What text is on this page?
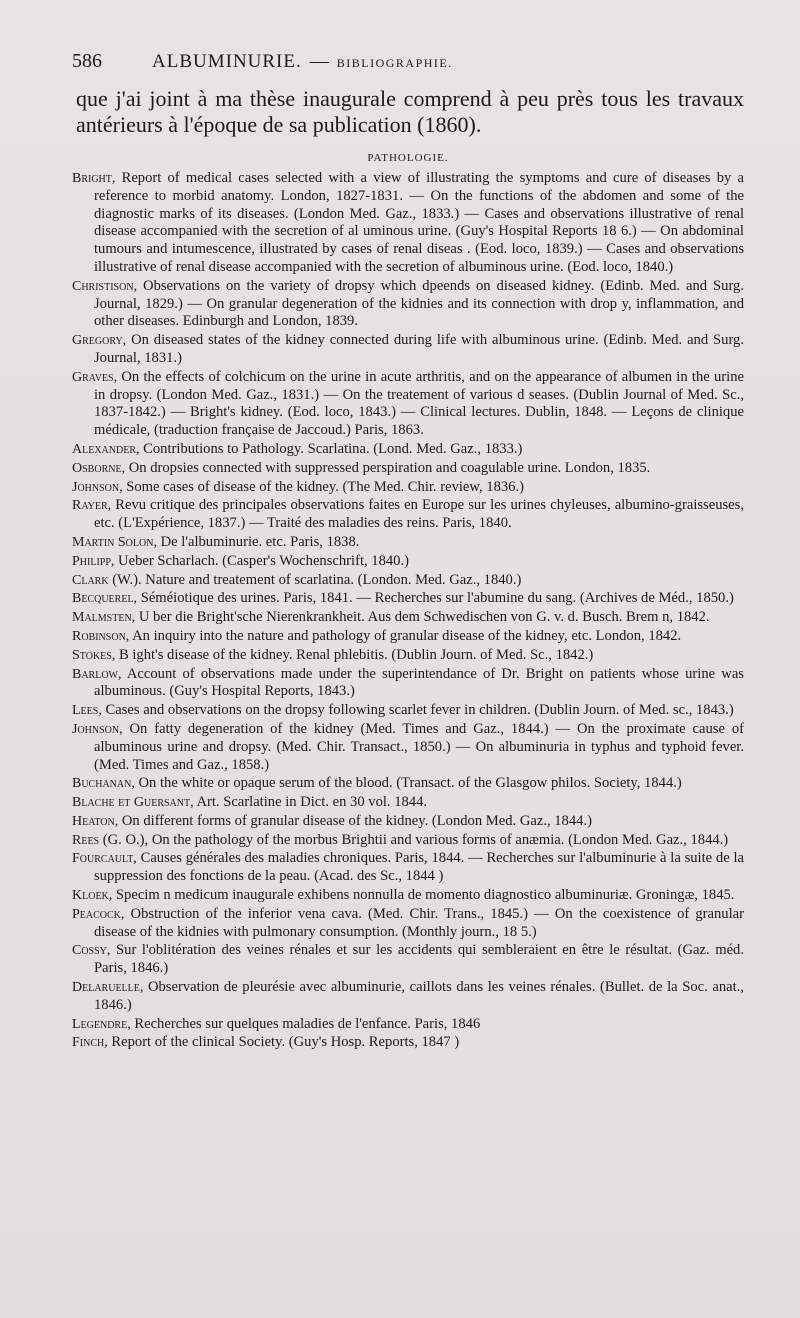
586	ALBUMINURIE. — BIBLIOGRAPHIE.

que j'ai joint à ma thèse inaugurale comprend à peu près tous les travaux antérieurs à l'époque de sa publication (1860).

PATHOLOGIE.
Bright, Report of medical cases selected with a view of illustrating the symptoms and cure of diseases by a reference to morbid anatomy. London, 1827-1831. — On the functions of the abdomen and some of the diagnostic marks of its diseases. (London Med. Gaz., 1833.) — Cases and observations illustrative of renal disease accompanied with the secretion of al uminous urine. (Guy's Hospital Reports 18 6.) — On abdominal tumours and intumescence, illustrated by cases of renal diseas . (Eod. loco, 1839.) — Cases and observations illustrative of renal disease accompanied with the secretion of albuminous urine. (Eod. loco, 1840.)
Christison, Observations on the variety of dropsy which dpeends on diseased kidney. (Edinb. Med. and Surg. Journal, 1829.) — On granular degeneration of the kidnies and its connection with drop y, inflammation, and other diseases. Edinburgh and London, 1839.
Gregory, On diseased states of the kidney connected during life with albuminous urine. (Edinb. Med. and Surg. Journal, 1831.)
Graves, On the effects of colchicum on the urine in acute arthritis, and on the appearance of albumen in the urine in dropsy. (London Med. Gaz., 1831.) — On the treatement of various d seases. (Dublin Journal of Med. Sc., 1837-1842.) — Bright's kidney. (Eod. loco, 1843.) — Clinical lectures. Dublin, 1848. — Leçons de clinique médicale, (traduction française de Jaccoud.) Paris, 1863.
Alexander, Contributions to Pathology. Scarlatina. (Lond. Med. Gaz., 1833.)
Osborne, On dropsies connected with suppressed perspiration and coagulable urine. London, 1835.
Johnson, Some cases of disease of the kidney. (The Med. Chir. review, 1836.)
Rayer, Revu critique des principales observations faites en Europe sur les urines chyleuses, albumino-graisseuses, etc. (L'Expérience, 1837.) — Traité des maladies des reins. Paris, 1840.
Martin Solon, De l'albuminurie. etc. Paris, 1838.
Philipp, Ueber Scharlach. (Casper's Wochenschrift, 1840.)
Clark (W.). Nature and treatement of scarlatina. (London. Med. Gaz., 1840.)
Becquerel, Séméiotique des urines. Paris, 1841. — Recherches sur l'abumine du sang. (Archives de Méd., 1850.)
Malmsten, U ber die Bright'sche Nierenkrankheit. Aus dem Schwedischen von G. v. d. Busch. Brem n, 1842.
Robinson, An inquiry into the nature and pathology of granular disease of the kidney, etc. London, 1842.
Stokes, B ight's disease of the kidney. Renal phlebitis. (Dublin Journ. of Med. Sc., 1842.)
Barlow, Account of observations made under the superintendance of Dr. Bright on patients whose urine was albuminous. (Guy's Hospital Reports, 1843.)
Lees, Cases and observations on the dropsy following scarlet fever in children. (Dublin Journ. of Med. sc., 1843.)
Johnson, On fatty degeneration of the kidney (Med. Times and Gaz., 1844.) — On the proximate cause of albuminous urine and dropsy. (Med. Chir. Transact., 1850.) — On albuminuria in typhus and typhoid fever. (Med. Times and Gaz., 1858.)
Buchanan, On the white or opaque serum of the blood. (Transact. of the Glasgow philos. Society, 1844.)
Blache et Guersant, Art. Scarlatine in Dict. en 30 vol. 1844.
Heaton, On different forms of granular disease of the kidney. (London Med. Gaz., 1844.)
Rees (G. O.), On the pathology of the morbus Brightii and various forms of anæmia. (London Med. Gaz., 1844.)
Fourcault, Causes générales des maladies chroniques. Paris, 1844. — Recherches sur l'albuminurie à la suite de la suppression des fonctions de la peau. (Acad. des Sc., 1844 )
Kloek, Specim n medicum inaugurale exhibens nonnulla de momento diagnostico albuminuriæ. Groningæ, 1845.
Peacock, Obstruction of the inferior vena cava. (Med. Chir. Trans., 1845.) — On the coexistence of granular disease of the kidnies with pulmonary consumption. (Monthly journ., 18 5.)
Cossy, Sur l'oblitération des veines rénales et sur les accidents qui sembleraient en être le résultat. (Gaz. méd. Paris, 1846.)
Delaruelle, Observation de pleurésie avec albuminurie, caillots dans les veines rénales. (Bullet. de la Soc. anat., 1846.)
Legendre, Recherches sur quelques maladies de l'enfance. Paris, 1846
Finch, Report of the clinical Society. (Guy's Hosp. Reports, 1847 )
